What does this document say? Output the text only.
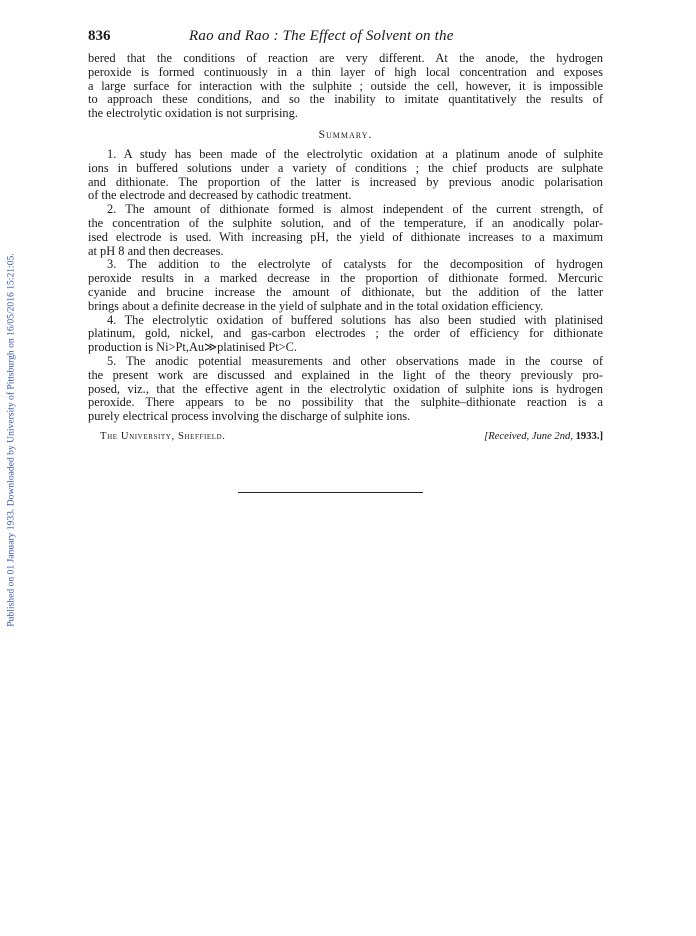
Published on 01 January 1933. Downloaded by University of Pittsburgh on 16/05/2016 15:21:05.
836	Rao and Rao : The Effect of Solvent on the
bered that the conditions of reaction are very different. At the anode, the hydrogen
peroxide is formed continuously in a thin layer of high local concentration and exposes
a large surface for interaction with the sulphite ; outside the cell, however, it is impossible
to approach these conditions, and so the inability to imitate quantitatively the results of
the electrolytic oxidation is not surprising.
Summary.
1. A study has been made of the electrolytic oxidation at a platinum anode of sulphite
ions in buffered solutions under a variety of conditions ; the chief products are sulphate
and dithionate. The proportion of the latter is increased by previous anodic polarisation
of the electrode and decreased by cathodic treatment.
2. The amount of dithionate formed is almost independent of the current strength, of
the concentration of the sulphite solution, and of the temperature, if an anodically polar-
ised electrode is used. With increasing pH, the yield of dithionate increases to a maximum
at pH 8 and then decreases.
3. The addition to the electrolyte of catalysts for the decomposition of hydrogen
peroxide results in a marked decrease in the proportion of dithionate formed. Mercuric
cyanide and brucine increase the amount of dithionate, but the addition of the latter
brings about a definite decrease in the yield of sulphate and in the total oxidation efficiency.
4. The electrolytic oxidation of buffered solutions has also been studied with platinised
platinum, gold, nickel, and gas-carbon electrodes ; the order of efficiency for dithionate
production is Ni>Pt,Au≫platinised Pt>C.
5. The anodic potential measurements and other observations made in the course of
the present work are discussed and explained in the light of the theory previously pro-
posed, viz., that the effective agent in the electrolytic oxidation of sulphite ions is hydrogen
peroxide. There appears to be no possibility that the sulphite–dithionate reaction is a
purely electrical process involving the discharge of sulphite ions.
The University, Sheffield.	[Received, June 2nd, 1933.]
